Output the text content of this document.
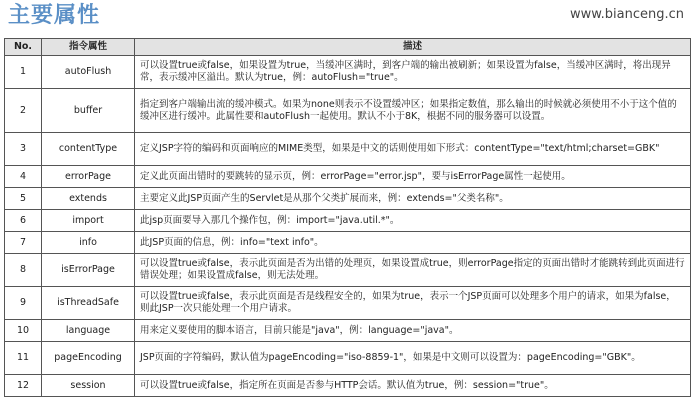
主要属性	www.bianceng.cn
No.	指令属性	描述
1	autoFlush	可以设置true或false，如果设置为true，当缓冲区满时，到客户端的输出被刷新；如果设置为false，当缓冲区满时，将出现异常，表示缓冲区溢出。默认为true，例：autoFlush="true"。
2	buffer	指定到客户端输出流的缓冲模式。如果为none则表示不设置缓冲区；如果指定数值，那么输出的时候就必须使用不小于这个值的缓冲区进行缓冲。此属性要和autoFlush一起使用。默认不小于8K，根据不同的服务器可以设置。
3	contentType	定义JSP字符的编码和页面响应的MIME类型，如果是中文的话则使用如下形式：contentType="text/html;charset=GBK"
4	errorPage	定义此页面出错时的要跳转的显示页，例：errorPage="error.jsp"，要与isErrorPage属性一起使用。
5	extends	主要定义此JSP页面产生的Servlet是从那个父类扩展而来，例：extends="父类名称"。
6	import	此jsp页面要导入那几个操作包，例：import="java.util.*"。
7	info	此JSP页面的信息，例：info="text info"。
8	isErrorPage	可以设置true或false，表示此页面是否为出错的处理页，如果设置成true，则errorPage指定的页面出错时才能跳转到此页面进行错误处理；如果设置成false，则无法处理。
9	isThreadSafe	可以设置true或false，表示此页面是否是线程安全的，如果为true，表示一个JSP页面可以处理多个用户的请求，如果为false，则此JSP一次只能处理一个用户请求。
10	language	用来定义要使用的脚本语言，目前只能是"java"，例：language="java"。
11	pageEncoding	JSP页面的字符编码，默认值为pageEncoding="iso-8859-1"，如果是中文则可以设置为：pageEncoding="GBK"。
12	session	可以设置true或false，指定所在页面是否参与HTTP会话。默认值为true，例：session="true"。
